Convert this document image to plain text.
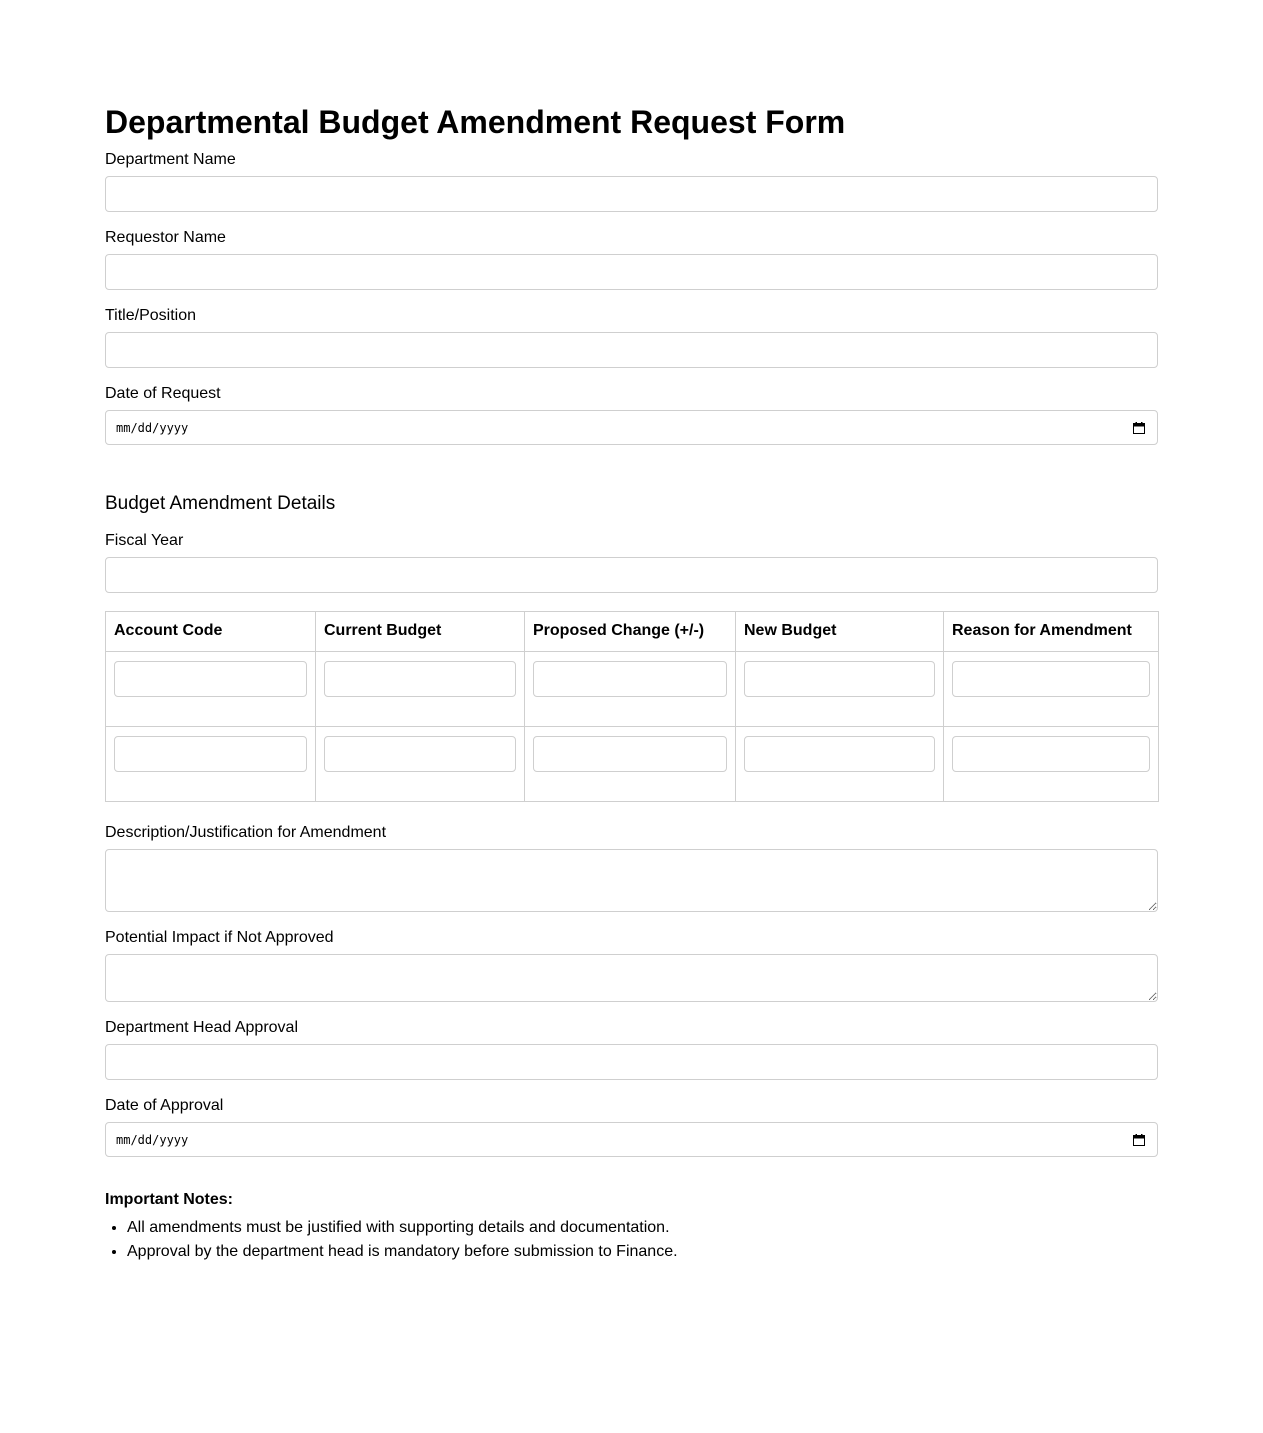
Departmental Budget Amendment Request Form
Department Name
Requestor Name
Title/Position
Date of Request
mm/dd/yyyy
Budget Amendment Details
Fiscal Year
Account Code	Current Budget	Proposed Change (+/-)	New Budget	Reason for Amendment

Description/Justification for Amendment
Potential Impact if Not Approved
Department Head Approval
Date of Approval
mm/dd/yyyy
Important Notes:
• All amendments must be justified with supporting details and documentation.
• Approval by the department head is mandatory before submission to Finance.
